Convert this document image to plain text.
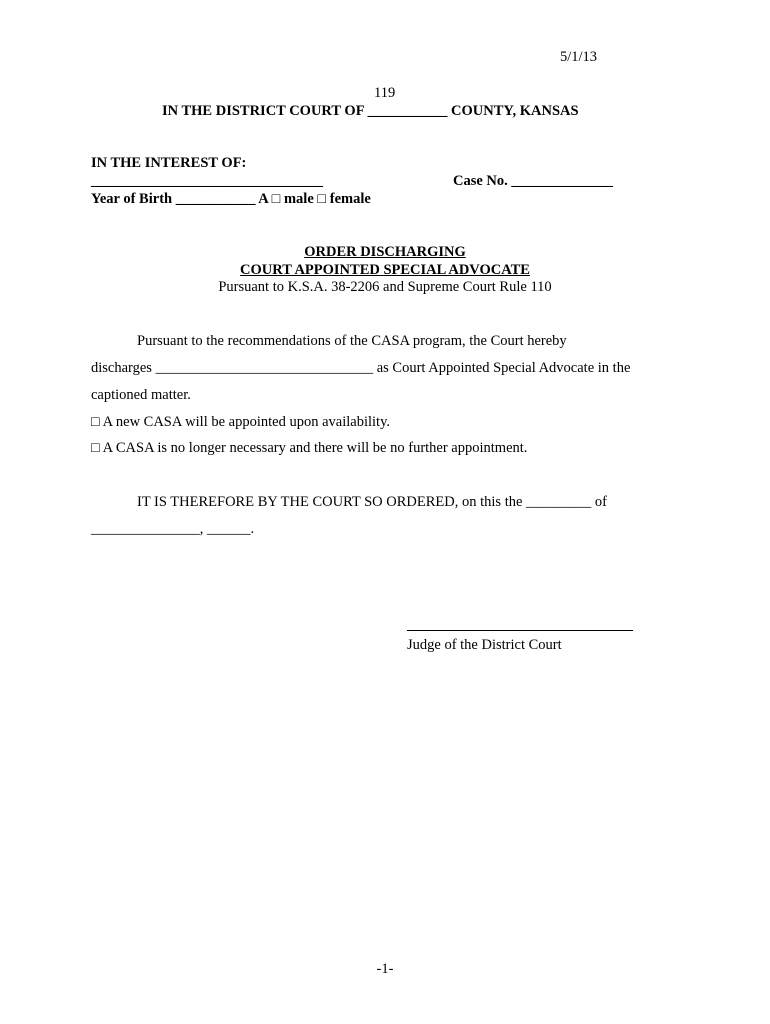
5/1/13
119
IN THE DISTRICT COURT OF ___________ COUNTY, KANSAS
IN THE INTEREST OF:
________________________________	Case No. ______________
Year of Birth ___________ A □ male □ female
ORDER DISCHARGING
COURT APPOINTED SPECIAL ADVOCATE
Pursuant to K.S.A. 38-2206 and Supreme Court Rule 110
Pursuant to the recommendations of the CASA program, the Court hereby
discharges ______________________________ as Court Appointed Special Advocate in the
captioned matter.
□ A new CASA will be appointed upon availability.
□ A CASA is no longer necessary and there will be no further appointment.
IT IS THEREFORE BY THE COURT SO ORDERED, on this the _________ of
_______________, ______.
Judge of the District Court
-1-
